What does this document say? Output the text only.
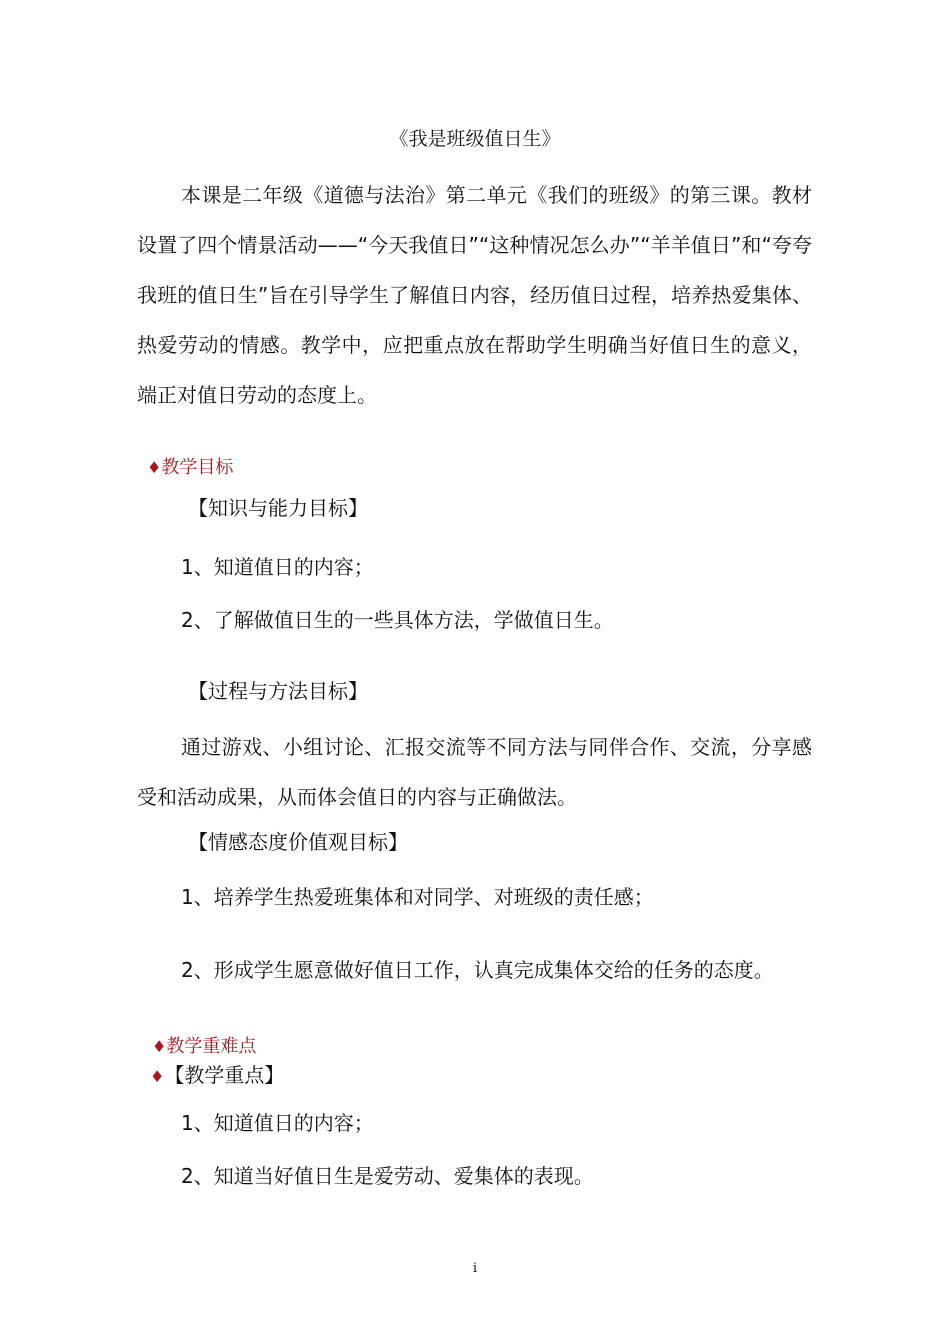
《我是班级值日生》
本课是二年级《道德与法治》第二单元《我们的班级》的第三课。教材设置了四个情景活动——“今天我值日”“这种情况怎么办”“羊羊值日”和“夸夸我班的值日生”旨在引导学生了解值日内容，经历值日过程，培养热爱集体、热爱劳动的情感。教学中，应把重点放在帮助学生明确当好值日生的意义，端正对值日劳动的态度上。
♦教学目标
【知识与能力目标】
1、知道值日的内容；
2、了解做值日生的一些具体方法，学做值日生。
【过程与方法目标】
通过游戏、小组讨论、汇报交流等不同方法与同伴合作、交流，分享感受和活动成果，从而体会值日的内容与正确做法。
【情感态度价值观目标】
1、培养学生热爱班集体和对同学、对班级的责任感；
2、形成学生愿意做好值日工作，认真完成集体交给的任务的态度。
♦教学重难点
♦【教学重点】
1、知道值日的内容；
2、知道当好值日生是爱劳动、爱集体的表现。
i
